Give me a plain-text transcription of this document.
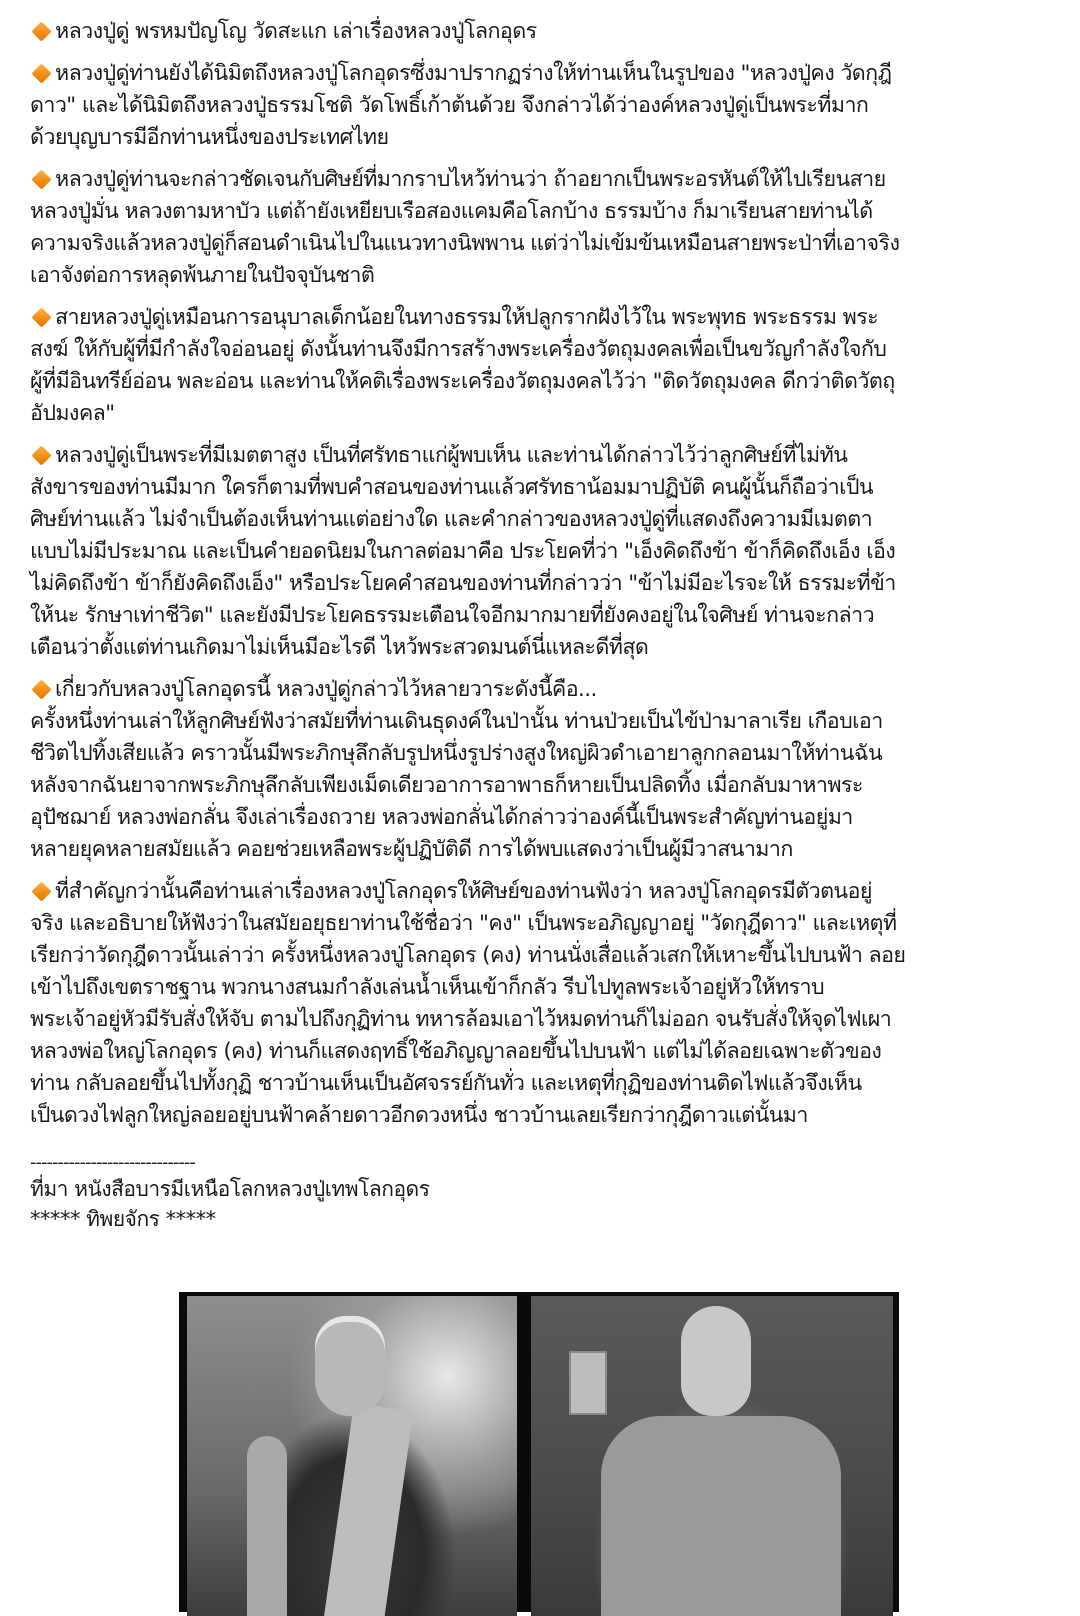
หลวงปู่ดู่ พรหมปัญโญ วัดสะแก เล่าเรื่องหลวงปู่โลกอุดร
หลวงปู่ดู่ท่านยังได้นิมิตถึงหลวงปู่โลกอุดรซึ่งมาปรากฏร่างให้ท่านเห็นในรูปของ "หลวงปู่คง วัดกุฎี
ดาว" และได้นิมิตถึงหลวงปู่ธรรมโชติ วัดโพธิ์เก้าต้นด้วย จึงกล่าวได้ว่าองค์หลวงปู่ดู่เป็นพระที่มาก
ด้วยบุญบารมีอีกท่านหนึ่งของประเทศไทย
หลวงปู่ดู่ท่านจะกล่าวชัดเจนกับศิษย์ที่มากราบไหว้ท่านว่า ถ้าอยากเป็นพระอรหันต์ให้ไปเรียนสาย
หลวงปู่มั่น หลวงตามหาบัว แต่ถ้ายังเหยียบเรือสองแคมคือโลกบ้าง ธรรมบ้าง ก็มาเรียนสายท่านได้
ความจริงแล้วหลวงปู่ดู่ก็สอนดำเนินไปในแนวทางนิพพาน แต่ว่าไม่เข้มข้นเหมือนสายพระป่าที่เอาจริง
เอาจังต่อการหลุดพ้นภายในปัจจุบันชาติ
สายหลวงปู่ดู่เหมือนการอนุบาลเด็กน้อยในทางธรรมให้ปลูกรากฝังไว้ใน พระพุทธ พระธรรม พระ
สงฆ์ ให้กับผู้ที่มีกำลังใจอ่อนอยู่ ดังนั้นท่านจึงมีการสร้างพระเครื่องวัตถุมงคลเพื่อเป็นขวัญกำลังใจกับ
ผู้ที่มีอินทรีย์อ่อน พละอ่อน และท่านให้คติเรื่องพระเครื่องวัตถุมงคลไว้ว่า "ติดวัตถุมงคล ดีกว่าติดวัตถุ
อัปมงคล"
หลวงปู่ดู่เป็นพระที่มีเมตตาสูง เป็นที่ศรัทธาแก่ผู้พบเห็น และท่านได้กล่าวไว้ว่าลูกศิษย์ที่ไม่ทัน
สังขารของท่านมีมาก ใครก็ตามที่พบคำสอนของท่านแล้วศรัทธาน้อมมาปฏิบัติ คนผู้นั้นก็ถือว่าเป็น
ศิษย์ท่านแล้ว ไม่จำเป็นต้องเห็นท่านแต่อย่างใด และคำกล่าวของหลวงปู่ดู่ที่แสดงถึงความมีเมตตา
แบบไม่มีประมาณ และเป็นคำยอดนิยมในกาลต่อมาคือ ประโยคที่ว่า "เอ็งคิดถึงข้า ข้าก็คิดถึงเอ็ง เอ็ง
ไม่คิดถึงข้า ข้าก็ยังคิดถึงเอ็ง" หรือประโยคคำสอนของท่านที่กล่าวว่า "ข้าไม่มีอะไรจะให้ ธรรมะที่ข้า
ให้นะ รักษาเท่าชีวิต" และยังมีประโยคธรรมะเตือนใจอีกมากมายที่ยังคงอยู่ในใจศิษย์ ท่านจะกล่าว
เตือนว่าตั้งแต่ท่านเกิดมาไม่เห็นมีอะไรดี ไหว้พระสวดมนต์นี่แหละดีที่สุด
เกี่ยวกับหลวงปู่โลกอุดรนี้ หลวงปู่ดู่กล่าวไว้หลายวาระดังนี้คือ...
ครั้งหนึ่งท่านเล่าให้ลูกศิษย์ฟังว่าสมัยที่ท่านเดินธุดงค์ในป่านั้น ท่านป่วยเป็นไข้ป่ามาลาเรีย เกือบเอา
ชีวิตไปทิ้งเสียแล้ว คราวนั้นมีพระภิกษุลึกลับรูปหนึ่งรูปร่างสูงใหญ่ผิวดำเอายาลูกกลอนมาให้ท่านฉัน
หลังจากฉันยาจากพระภิกษุลึกลับเพียงเม็ดเดียวอาการอาพาธก็หายเป็นปลิดทิ้ง เมื่อกลับมาหาพระ
อุปัชฌาย์ หลวงพ่อกลั่น จึงเล่าเรื่องถวาย หลวงพ่อกลั่นได้กล่าวว่าองค์นี้เป็นพระสำคัญท่านอยู่มา
หลายยุคหลายสมัยแล้ว คอยช่วยเหลือพระผู้ปฏิบัติดี การได้พบแสดงว่าเป็นผู้มีวาสนามาก
ที่สำคัญกว่านั้นคือท่านเล่าเรื่องหลวงปู่โลกอุดรให้ศิษย์ของท่านฟังว่า หลวงปู่โลกอุดรมีตัวตนอยู่
จริง และอธิบายให้ฟังว่าในสมัยอยุธยาท่านใช้ชื่อว่า "คง" เป็นพระอภิญญาอยู่ "วัดกุฎีดาว" และเหตุที่
เรียกว่าวัดกุฎีดาวนั้นเล่าว่า ครั้งหนึ่งหลวงปู่โลกอุดร (คง) ท่านนั่งเสื่อแล้วเสกให้เหาะขึ้นไปบนฟ้า ลอย
เข้าไปถึงเขตราชฐาน พวกนางสนมกำลังเล่นน้ำเห็นเข้าก็กลัว รีบไปทูลพระเจ้าอยู่หัวให้ทราบ
พระเจ้าอยู่หัวมีรับสั่งให้จับ ตามไปถึงกุฏิท่าน ทหารล้อมเอาไว้หมดท่านก็ไม่ออก จนรับสั่งให้จุดไฟเผา
หลวงพ่อใหญ่โลกอุดร (คง) ท่านก็แสดงฤทธิ์ใช้อภิญญาลอยขึ้นไปบนฟ้า แต่ไม่ได้ลอยเฉพาะตัวของ
ท่าน กลับลอยขึ้นไปทั้งกุฏิ ชาวบ้านเห็นเป็นอัศจรรย์กันทั่ว และเหตุที่กุฏิของท่านติดไฟแล้วจึงเห็น
เป็นดวงไฟลูกใหญ่ลอยอยู่บนฟ้าคล้ายดาวอีกดวงหนึ่ง ชาวบ้านเลยเรียกว่ากุฎีดาวแต่นั้นมา
------------------------------
ที่มา หนังสือบารมีเหนือโลกหลวงปู่เทพโลกอุดร
***** ทิพยจักร *****
